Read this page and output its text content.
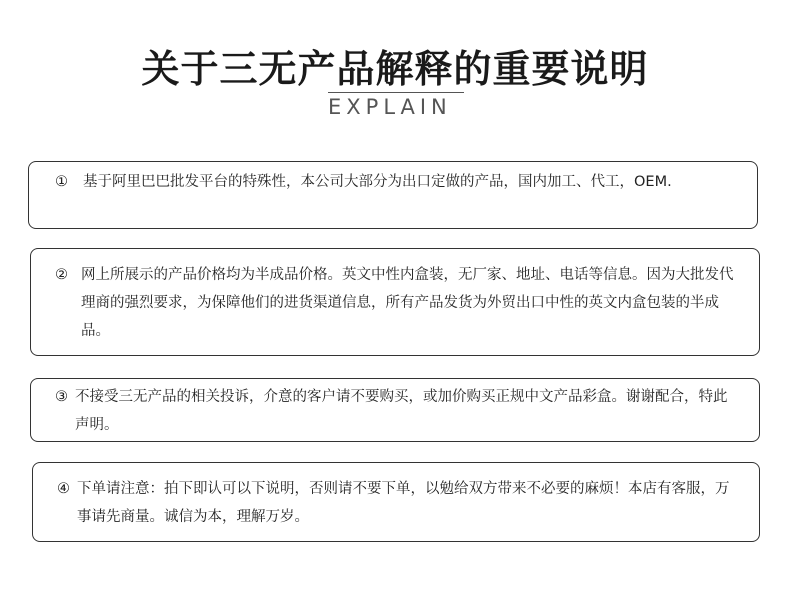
关于三无产品解释的重要说明
EXPLAIN
① 基于阿里巴巴批发平台的特殊性，本公司大部分为出口定做的产品，国内加工、代工，OEM.
② 网上所展示的产品价格均为半成品价格。英文中性内盒装，无厂家、地址、电话等信息。因为大批发代理商的强烈要求，为保障他们的进货渠道信息，所有产品发货为外贸出口中性的英文内盒包装的半成品。
③ 不接受三无产品的相关投诉，介意的客户请不要购买，或加价购买正规中文产品彩盒。谢谢配合，特此声明。
④ 下单请注意：拍下即认可以下说明，否则请不要下单，以勉给双方带来不必要的麻烦！本店有客服，万事请先商量。诚信为本，理解万岁。
